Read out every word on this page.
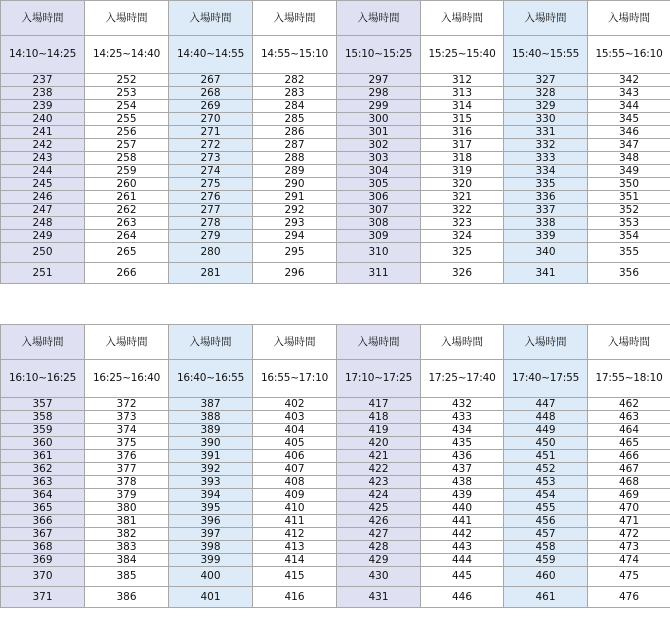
入場時間	入場時間	入場時間	入場時間	入場時間	入場時間	入場時間	入場時間
14:10~14:25	14:25~14:40	14:40~14:55	14:55~15:10	15:10~15:25	15:25~15:40	15:40~15:55	15:55~16:10
237	252	267	282	297	312	327	342
238	253	268	283	298	313	328	343
239	254	269	284	299	314	329	344
240	255	270	285	300	315	330	345
241	256	271	286	301	316	331	346
242	257	272	287	302	317	332	347
243	258	273	288	303	318	333	348
244	259	274	289	304	319	334	349
245	260	275	290	305	320	335	350
246	261	276	291	306	321	336	351
247	262	277	292	307	322	337	352
248	263	278	293	308	323	338	353
249	264	279	294	309	324	339	354
250	265	280	295	310	325	340	355
251	266	281	296	311	326	341	356
入場時間	入場時間	入場時間	入場時間	入場時間	入場時間	入場時間	入場時間
16:10~16:25	16:25~16:40	16:40~16:55	16:55~17:10	17:10~17:25	17:25~17:40	17:40~17:55	17:55~18:10
357	372	387	402	417	432	447	462
358	373	388	403	418	433	448	463
359	374	389	404	419	434	449	464
360	375	390	405	420	435	450	465
361	376	391	406	421	436	451	466
362	377	392	407	422	437	452	467
363	378	393	408	423	438	453	468
364	379	394	409	424	439	454	469
365	380	395	410	425	440	455	470
366	381	396	411	426	441	456	471
367	382	397	412	427	442	457	472
368	383	398	413	428	443	458	473
369	384	399	414	429	444	459	474
370	385	400	415	430	445	460	475
371	386	401	416	431	446	461	476
